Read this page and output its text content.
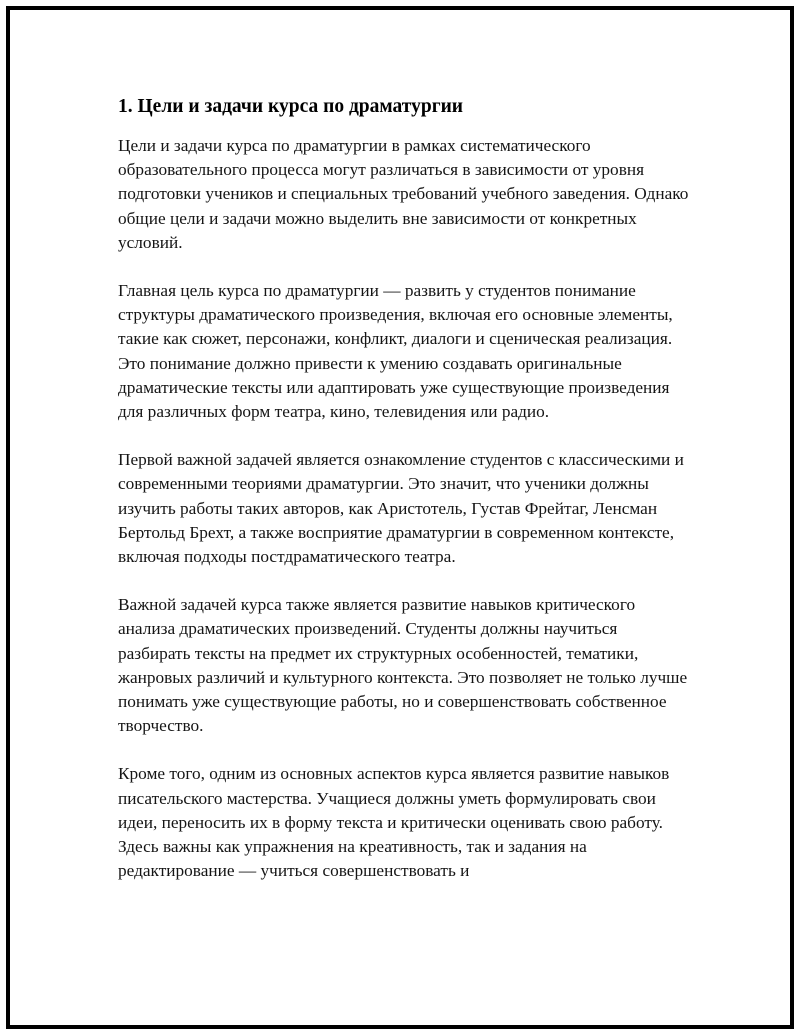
1. Цели и задачи курса по драматургии

Цели и задачи курса по драматургии в рамках систематического образовательного процесса могут различаться в зависимости от уровня подготовки учеников и специальных требований учебного заведения. Однако общие цели и задачи можно выделить вне зависимости от конкретных условий.

Главная цель курса по драматургии — развить у студентов понимание структуры драматического произведения, включая его основные элементы, такие как сюжет, персонажи, конфликт, диалоги и сценическая реализация. Это понимание должно привести к умению создавать оригинальные драматические тексты или адаптировать уже существующие произведения для различных форм театра, кино, телевидения или радио.

Первой важной задачей является ознакомление студентов с классическими и современными теориями драматургии. Это значит, что ученики должны изучить работы таких авторов, как Аристотель, Густав Фрейтаг, Ленсман Бертольд Брехт, а также восприятие драматургии в современном контексте, включая подходы постдраматического театра.

Важной задачей курса также является развитие навыков критического анализа драматических произведений. Студенты должны научиться разбирать тексты на предмет их структурных особенностей, тематики, жанровых различий и культурного контекста. Это позволяет не только лучше понимать уже существующие работы, но и совершенствовать собственное творчество.

Кроме того, одним из основных аспектов курса является развитие навыков писательского мастерства. Учащиеся должны уметь формулировать свои идеи, переносить их в форму текста и критически оценивать свою работу. Здесь важны как упражнения на креативность, так и задания на редактирование — учиться совершенствовать и
